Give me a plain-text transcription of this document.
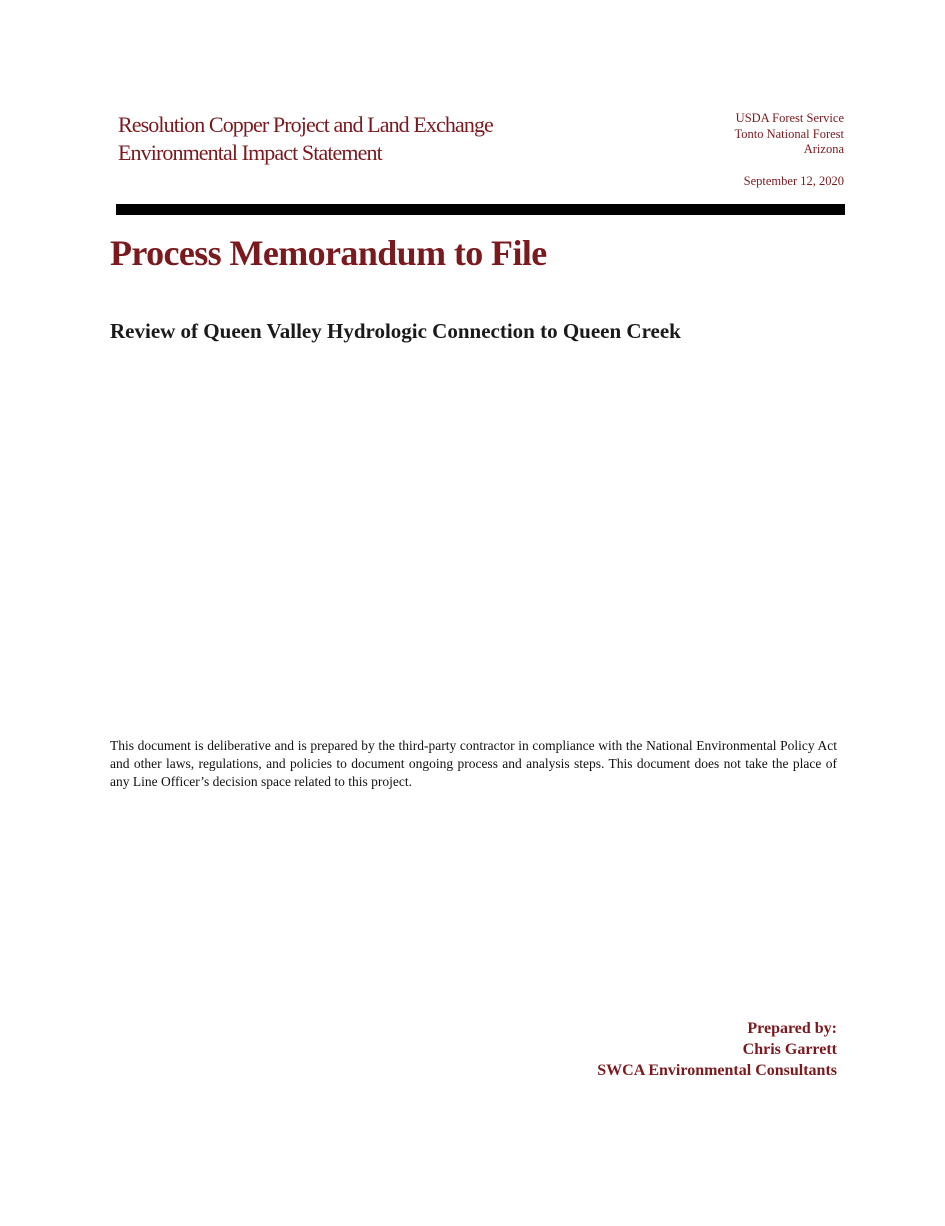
Resolution Copper Project and Land Exchange
Environmental Impact Statement
USDA Forest Service
Tonto National Forest
Arizona
September 12, 2020
Process Memorandum to File
Review of Queen Valley Hydrologic Connection to Queen Creek

This document is deliberative and is prepared by the third-party contractor in compliance with the National Environmental Policy Act and other laws, regulations, and policies to document ongoing process and analysis steps. This document does not take the place of any Line Officer’s decision space related to this project.

Prepared by:
Chris Garrett
SWCA Environmental Consultants
